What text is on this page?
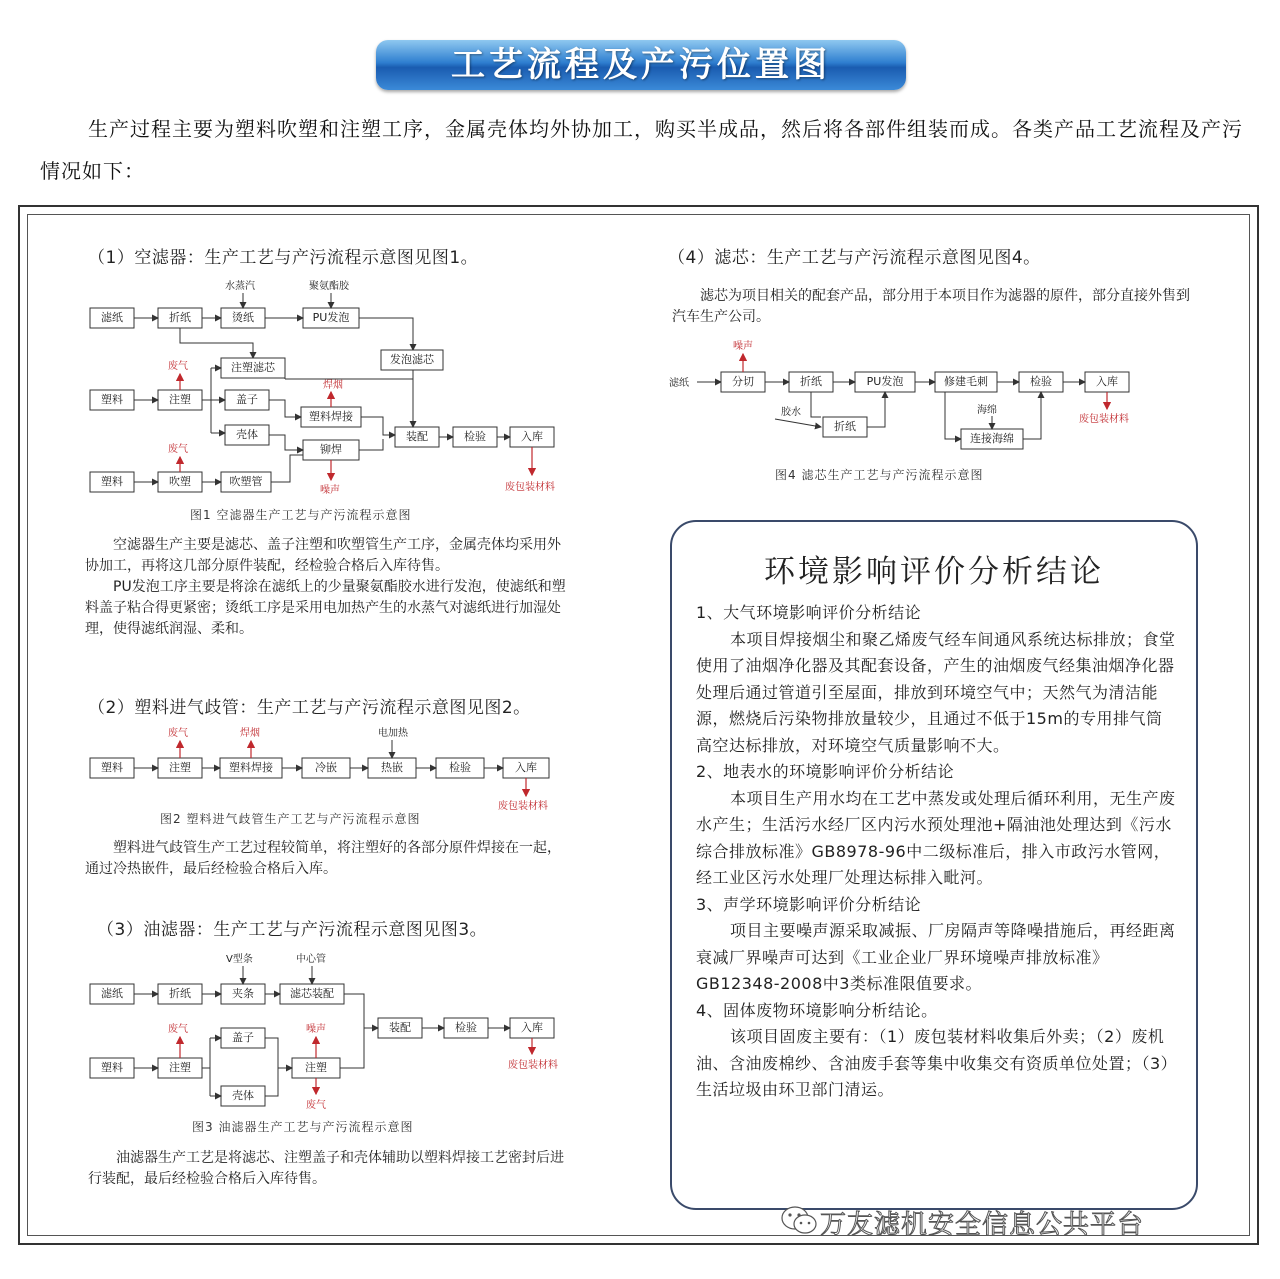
工艺流程及产污位置图
生产过程主要为塑料吹塑和注塑工序，金属壳体均外协加工，购买半成品，然后将各部件组装而成。各类产品工艺流程及产污情况如下：
（1）空滤器：生产工艺与产污流程示意图见图1。
滤纸	折纸	烫纸	PU发泡
水蒸汽	聚氨酯胶
发泡滤芯
注塑滤芯
塑料	注塑
废气
盖子
壳体
塑料焊接
铆焊
焊烟
装配	检验	入库
废包装材料
塑料	吹塑	吹塑管
废气
噪声
图1 空滤器生产工艺与产污流程示意图

空滤器生产主要是滤芯、盖子注塑和吹塑管生产工序，金属壳体均采用外协加工，再将这几部分原件装配，经检验合格后入库待售。

PU发泡工序主要是将涂在滤纸上的少量聚氨酯胶水进行发泡，使滤纸和塑料盖子粘合得更紧密；烫纸工序是采用电加热产生的水蒸气对滤纸进行加湿处理，使得滤纸润湿、柔和。

（2）塑料进气歧管：生产工艺与产污流程示意图见图2。
塑料	注塑	塑料焊接	冷嵌	热嵌	检验	入库
废气	焊烟	电加热
废包装材料
图2 塑料进气歧管生产工艺与产污流程示意图

塑料进气歧管生产工艺过程较简单，将注塑好的各部分原件焊接在一起，通过冷热嵌件，最后经检验合格后入库。

（3）油滤器：生产工艺与产污流程示意图见图3。
滤纸	折纸	夹条	滤芯装配
V型条	中心管
塑料	注塑
废气
盖子
壳体
注塑
噪声
废气
装配	检验	入库
废包装材料
图3 油滤器生产工艺与产污流程示意图

油滤器生产工艺是将滤芯、注塑盖子和壳体辅助以塑料焊接工艺密封后进行装配，最后经检验合格后入库待售。

（4）滤芯：生产工艺与产污流程示意图见图4。

滤芯为项目相关的配套产品，部分用于本项目作为滤器的原件，部分直接外售到汽车生产公司。

滤纸	分切
噪声
折纸	PU发泡	修建毛刺	检验	入库
废包装材料
胶水
折纸
连接海绵
海绵
图4 滤芯生产工艺与产污流程示意图
环境影响评价分析结论

1、大气环境影响评价分析结论

本项目焊接烟尘和聚乙烯废气经车间通风系统达标排放；食堂使用了油烟净化器及其配套设备，产生的油烟废气经集油烟净化器处理后通过管道引至屋面，排放到环境空气中；天然气为清洁能源，燃烧后污染物排放量较少，且通过不低于15m的专用排气筒高空达标排放，对环境空气质量影响不大。

2、地表水的环境影响评价分析结论

本项目生产用水均在工艺中蒸发或处理后循环利用，无生产废水产生；生活污水经厂区内污水预处理池+隔油池处理达到《污水综合排放标准》GB8978-96中二级标准后，排入市政污水管网，经工业区污水处理厂处理达标排入毗河。

3、声学环境影响评价分析结论

项目主要噪声源采取减振、厂房隔声等降噪措施后，再经距离衰减厂界噪声可达到《工业企业厂界环境噪声排放标准》GB12348-2008中3类标准限值要求。

4、固体废物环境影响分析结论。

该项目固废主要有：（1）废包装材料收集后外卖；（2）废机油、含油废棉纱、含油废手套等集中收集交有资质单位处置；（3）生活垃圾由环卫部门清运。

万友滤机安全信息公共平台
